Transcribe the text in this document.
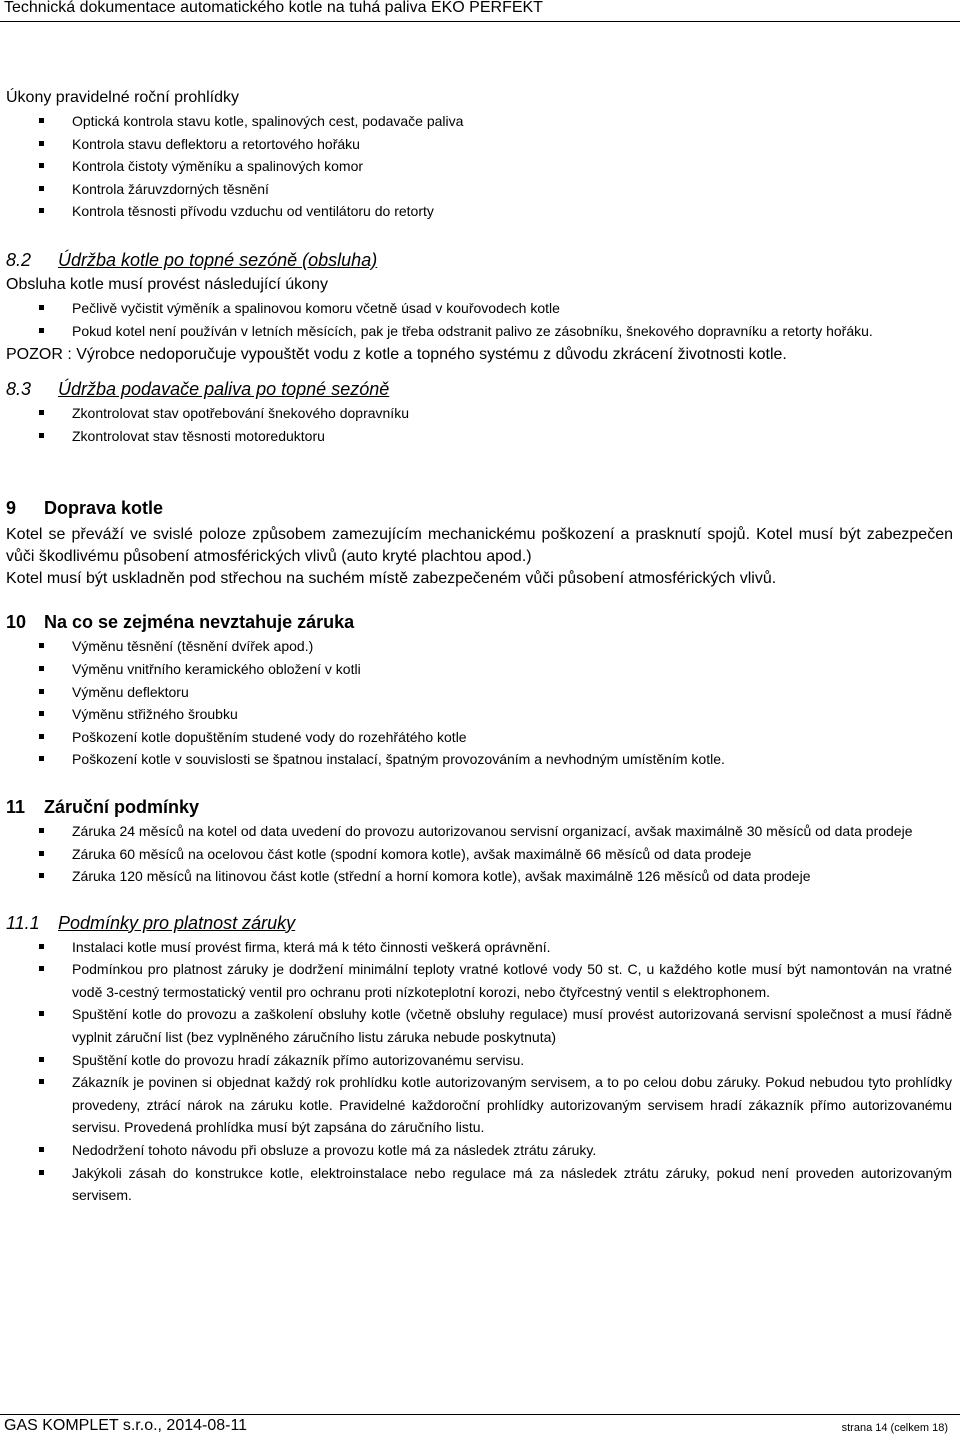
Technická dokumentace automatického kotle na tuhá paliva EKO PERFEKT
Úkony pravidelné roční prohlídky
Optická kontrola stavu kotle, spalinových cest, podavače paliva
Kontrola stavu deflektoru a retortového hořáku
Kontrola čistoty výměníku a spalinových komor
Kontrola žáruvzdorných těsnění
Kontrola těsnosti přívodu vzduchu od ventilátoru do retorty
8.2 Údržba kotle po topné sezóně (obsluha)
Obsluha kotle musí provést následující úkony
Pečlivě vyčistit výměník a spalinovou komoru včetně úsad v kouřovodech kotle
Pokud kotel není používán v letních měsících, pak je třeba odstranit palivo ze zásobníku, šnekového dopravníku a retorty hořáku.
POZOR : Výrobce nedoporučuje vypouštět vodu z kotle a topného systému z důvodu zkrácení životnosti kotle.
8.3 Údržba podavače paliva po topné sezóně
Zkontrolovat stav opotřebování šnekového dopravníku
Zkontrolovat stav těsnosti motoreduktoru
9 Doprava kotle
Kotel se převáží ve svislé poloze způsobem zamezujícím mechanickému poškození a prasknutí spojů. Kotel musí být zabezpečen vůči škodlivému působení atmosférických vlivů (auto kryté plachtou apod.)
Kotel musí být uskladněn pod střechou na suchém místě zabezpečeném vůči působení atmosférických vlivů.
10 Na co se zejména nevztahuje záruka
Výměnu těsnění (těsnění dvířek apod.)
Výměnu vnitřního keramického obložení v kotli
Výměnu deflektoru
Výměnu střižného šroubku
Poškození kotle dopuštěním studené vody do rozehřátého kotle
Poškození kotle v souvislosti se špatnou instalací, špatným provozováním a nevhodným umístěním kotle.
11 Záruční podmínky
Záruka 24 měsíců na kotel od data uvedení do provozu autorizovanou servisní organizací, avšak maximálně 30 měsíců od data prodeje
Záruka 60 měsíců na ocelovou část kotle (spodní komora kotle), avšak maximálně 66 měsíců od data prodeje
Záruka 120 měsíců na litinovou část kotle (střední a horní komora kotle), avšak maximálně 126 měsíců od data prodeje
11.1 Podmínky pro platnost záruky
Instalaci kotle musí provést firma, která má k této činnosti veškerá oprávnění.
Podmínkou pro platnost záruky je dodržení minimální teploty vratné kotlové vody 50 st. C, u každého kotle musí být namontován na vratné vodě 3-cestný termostatický ventil pro ochranu proti nízkoteplotní korozi, nebo čtyřcestný ventil s elektrophonem.
Spuštění kotle do provozu a zaškolení obsluhy kotle (včetně obsluhy regulace) musí provést autorizovaná servisní společnost a musí řádně vyplnit záruční list (bez vyplněného záručního listu záruka nebude poskytnuta)
Spuštění kotle do provozu hradí zákazník přímo autorizovanému servisu.
Zákazník je povinen si objednat každý rok prohlídku kotle autorizovaným servisem, a to po celou dobu záruky. Pokud nebudou tyto prohlídky provedeny, ztrácí nárok na záruku kotle. Pravidelné každoroční prohlídky autorizovaným servisem hradí zákazník přímo autorizovanému servisu. Provedená prohlídka musí být zapsána do záručního listu.
Nedodržení tohoto návodu při obsluze a provozu kotle má za následek ztrátu záruky.
Jakýkoli zásah do konstrukce kotle, elektroinstalace nebo regulace má za následek ztrátu záruky, pokud není proveden autorizovaným servisem.
GAS KOMPLET s.r.o., 2014-08-11	strana 14 (celkem 18)
